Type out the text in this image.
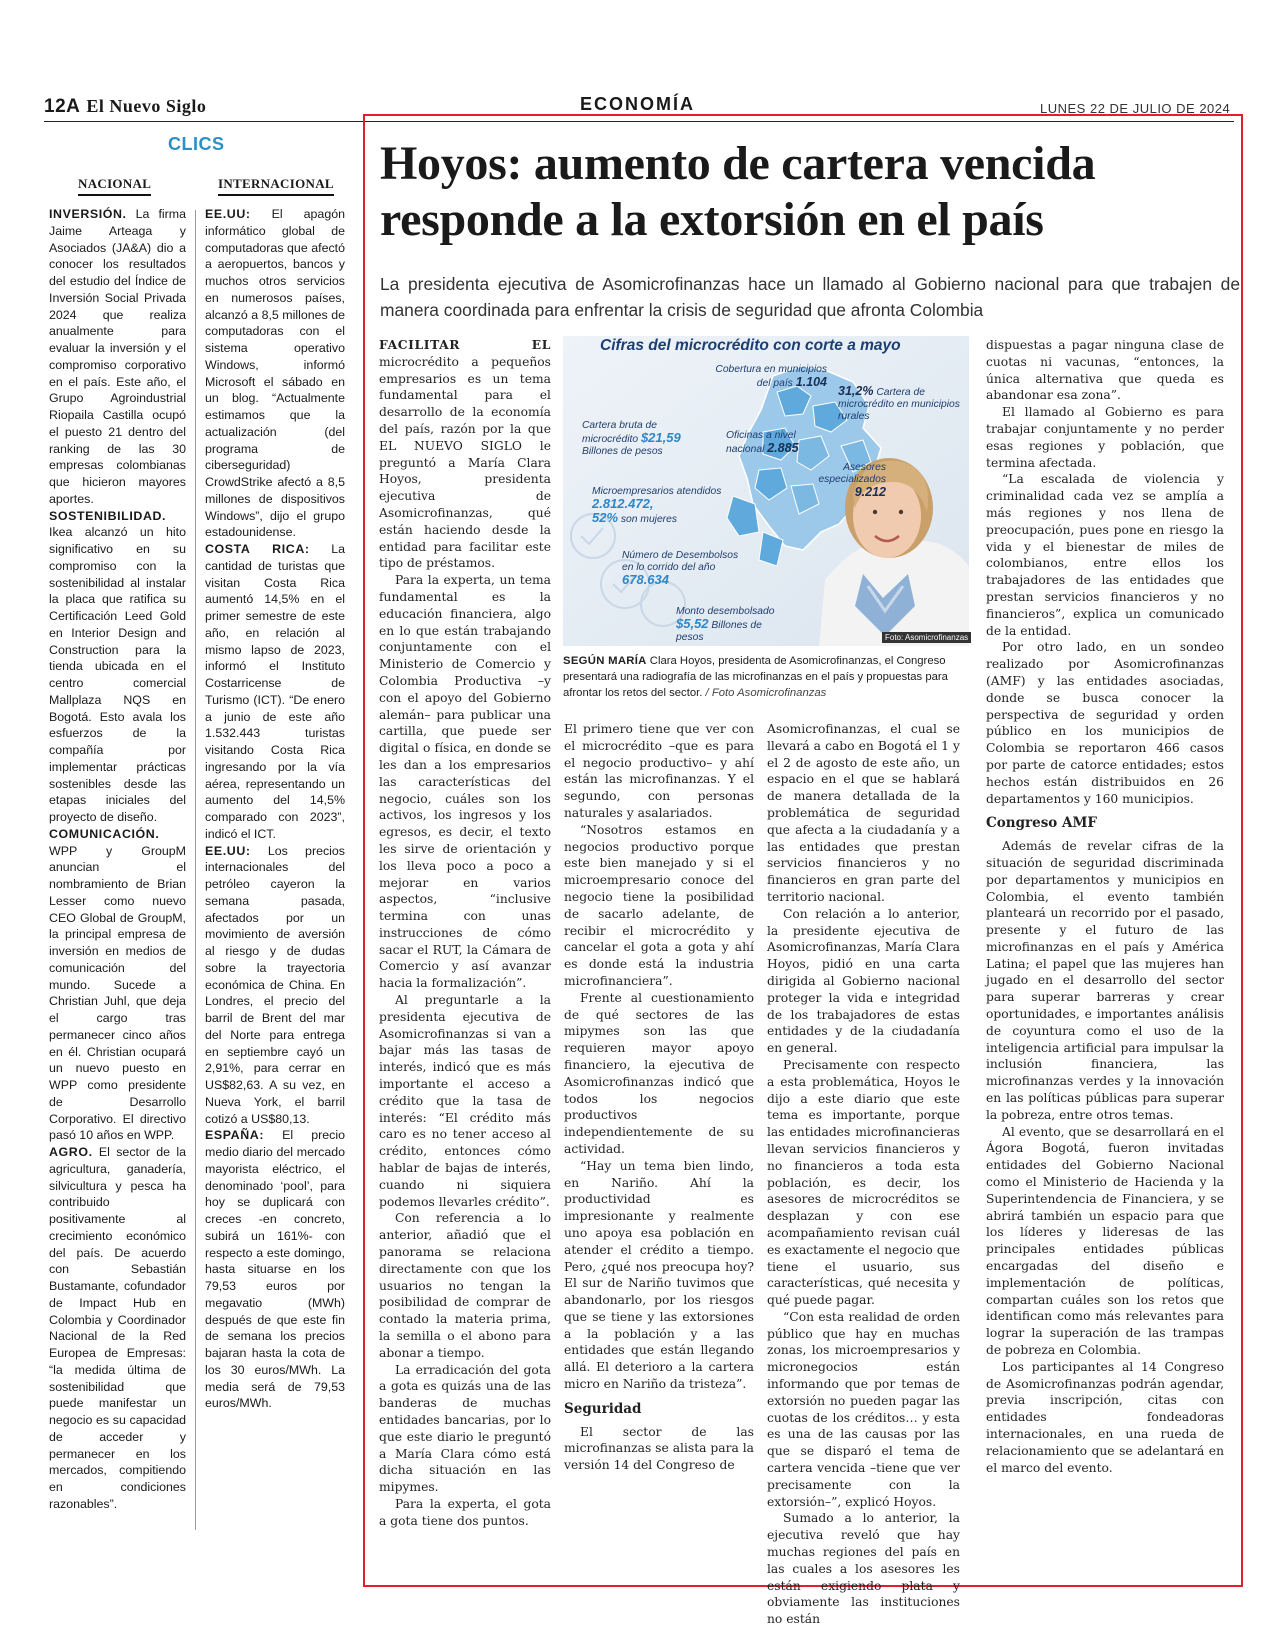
12A El Nuevo Siglo	ECONOMÍA	LUNES 22 DE JULIO DE 2024
CLICS
NACIONAL	INTERNACIONAL

INVERSIÓN. La firma Jaime Arteaga y Asociados (JA&A) dio a conocer los resultados del estudio del Índice de Inversión Social Privada 2024 que realiza anualmente para evaluar la inversión y el compromiso corporativo en el país. Este año, el Grupo Agroindustrial Riopaila Castilla ocupó el puesto 21 dentro del ranking de las 30 empresas colombianas que hicieron mayores aportes.

SOSTENIBILIDAD. Ikea alcanzó un hito significativo en su compromiso con la sostenibilidad al instalar la placa que ratifica su Certificación Leed Gold en Interior Design and Construction para la tienda ubicada en el centro comercial Mallplaza NQS en Bogotá. Esto avala los esfuerzos de la compañía por implementar prácticas sostenibles desde las etapas iniciales del proyecto de diseño.

COMUNICACIÓN. WPP y GroupM anuncian el nombramiento de Brian Lesser como nuevo CEO Global de GroupM, la principal empresa de inversión en medios de comunicación del mundo. Sucede a Christian Juhl, que deja el cargo tras permanecer cinco años en él. Christian ocupará un nuevo puesto en WPP como presidente de Desarrollo Corporativo. El directivo pasó 10 años en WPP.

AGRO. El sector de la agricultura, ganadería, silvicultura y pesca ha contribuido positivamente al crecimiento económico del país. De acuerdo con Sebastián Bustamante, cofundador de Impact Hub en Colombia y Coordinador Nacional de la Red Europea de Empresas: “la medida última de sostenibilidad que puede manifestar un negocio es su capacidad de acceder y permanecer en los mercados, compitiendo en condiciones razonables”.

EE.UU: El apagón informático global de computadoras que afectó a aeropuertos, bancos y muchos otros servicios en numerosos países, alcanzó a 8,5 millones de computadoras con el sistema operativo Windows, informó Microsoft el sábado en un blog. “Actualmente estimamos que la actualización (del programa de ciberseguridad) CrowdStrike afectó a 8,5 millones de dispositivos Windows”, dijo el grupo estadounidense.

COSTA RICA: La cantidad de turistas que visitan Costa Rica aumentó 14,5% en el primer semestre de este año, en relación al mismo lapso de 2023, informó el Instituto Costarricense de Turismo (ICT). “De enero a junio de este año 1.532.443 turistas visitando Costa Rica ingresando por la vía aérea, representando un aumento del 14,5% comparado con 2023”, indicó el ICT.

EE.UU: Los precios internacionales del petróleo cayeron la semana pasada, afectados por un movimiento de aversión al riesgo y de dudas sobre la trayectoria económica de China. En Londres, el precio del barril de Brent del mar del Norte para entrega en septiembre cayó un 2,91%, para cerrar en US$82,63. A su vez, en Nueva York, el barril cotizó a US$80,13.

ESPAÑA: El precio medio diario del mercado mayorista eléctrico, el denominado ‘pool’, para hoy se duplicará con creces -en concreto, subirá un 161%- con respecto a este domingo, hasta situarse en los 79,53 euros por megavatio (MWh) después de que este fin de semana los precios bajaran hasta la cota de los 30 euros/MWh. La media será de 79,53 euros/MWh.

Hoyos: aumento de cartera vencida responde a la extorsión en el país
La presidenta ejecutiva de Asomicrofinanzas hace un llamado al Gobierno nacional para que trabajen de manera coordinada para enfrentar la crisis de seguridad que afronta Colombia

FACILITAR EL microcrédito a pequeños empresarios es un tema fundamental para el desarrollo de la economía del país, razón por la que EL NUEVO SIGLO le preguntó a María Clara Hoyos, presidenta ejecutiva de Asomicrofinanzas, qué están haciendo desde la entidad para facilitar este tipo de préstamos.

Para la experta, un tema fundamental es la educación financiera, algo en lo que están trabajando conjuntamente con el Ministerio de Comercio y Colombia Productiva –y con el apoyo del Gobierno alemán– para publicar una cartilla, que puede ser digital o física, en donde se les dan a los empresarios las características del negocio, cuáles son los activos, los ingresos y los egresos, es decir, el texto les sirve de orientación y los lleva poco a poco a mejorar en varios aspectos, “inclusive termina con unas instrucciones de cómo sacar el RUT, la Cámara de Comercio y así avanzar hacia la formalización”.

Al preguntarle a la presidenta ejecutiva de Asomicrofinanzas si van a bajar más las tasas de interés, indicó que es más importante el acceso a crédito que la tasa de interés: “El crédito más caro es no tener acceso al crédito, entonces cómo hablar de bajas de interés, cuando ni siquiera podemos llevarles crédito”.

Con referencia a lo anterior, añadió que el panorama se relaciona directamente con que los usuarios no tengan la posibilidad de comprar de contado la materia prima, la semilla o el abono para abonar a tiempo.

La erradicación del gota a gota es quizás una de las banderas de muchas entidades bancarias, por lo que este diario le preguntó a María Clara cómo está dicha situación en las mipymes.

Para la experta, el gota a gota tiene dos puntos.

Cifras del microcrédito con corte a mayo
Cobertura en municipios del país 1.104
31,2% Cartera de microcrédito en municipios rurales
Cartera bruta de microcrédito $21,59
Billones de pesos
Oficinas a nivel nacional 2.885
Asesores especializados
9.212
Microempresarios atendidos 2.812.472,
52% son mujeres
Número de Desembolsos en lo corrido del año
678.634
Monto desembolsado
$5,52 Billones de pesos	Foto: Asomicrofinanzas
SEGÚN MARÍA Clara Hoyos, presidenta de Asomicrofinanzas, el Congreso presentará una radiografía de las microfinanzas en el país y propuestas para afrontar los retos del sector. / Foto Asomicrofinanzas

El primero tiene que ver con el microcrédito –que es para el negocio productivo– y ahí están las microfinanzas. Y el segundo, con personas naturales y asalariados.

“Nosotros estamos en negocios productivo porque este bien manejado y si el microempresario conoce del negocio tiene la posibilidad de sacarlo adelante, de recibir el microcrédito y cancelar el gota a gota y ahí es donde está la industria microfinanciera”.

Frente al cuestionamiento de qué sectores de las mipymes son las que requieren mayor apoyo financiero, la ejecutiva de Asomicrofinanzas indicó que todos los negocios productivos independientemente de su actividad.

“Hay un tema bien lindo, en Nariño. Ahí la productividad es impresionante y realmente uno apoya esa población en atender el crédito a tiempo. Pero, ¿qué nos preocupa hoy? El sur de Nariño tuvimos que abandonarlo, por los riesgos que se tiene y las extorsiones a la población y a las entidades que están llegando allá. El deterioro a la cartera micro en Nariño da tristeza”.

Seguridad

El sector de las microfinanzas se alista para la versión 14 del Congreso de

Asomicrofinanzas, el cual se llevará a cabo en Bogotá el 1 y el 2 de agosto de este año, un espacio en el que se hablará de manera detallada de la problemática de seguridad que afecta a la ciudadanía y a las entidades que prestan servicios financieros y no financieros en gran parte del territorio nacional.

Con relación a lo anterior, la presidente ejecutiva de Asomicrofinanzas, María Clara Hoyos, pidió en una carta dirigida al Gobierno nacional proteger la vida e integridad de los trabajadores de estas entidades y de la ciudadanía en general.

Precisamente con respecto a esta problemática, Hoyos le dijo a este diario que este tema es importante, porque las entidades microfinancieras llevan servicios financieros y no financieros a toda esta población, es decir, los asesores de microcréditos se desplazan y con ese acompañamiento revisan cuál es exactamente el negocio que tiene el usuario, sus características, qué necesita y qué puede pagar.

“Con esta realidad de orden público que hay en muchas zonas, los microempresarios y micronegocios están informando que por temas de extorsión no pueden pagar las cuotas de los créditos… y esta es una de las causas por las que se disparó el tema de cartera vencida –tiene que ver precisamente con la extorsión–”, explicó Hoyos.

Sumado a lo anterior, la ejecutiva reveló que hay muchas regiones del país en las cuales a los asesores les están exigiendo plata y obviamente las instituciones no están

dispuestas a pagar ninguna clase de cuotas ni vacunas, “entonces, la única alternativa que queda es abandonar esa zona”.

El llamado al Gobierno es para trabajar conjuntamente y no perder esas regiones y población, que termina afectada.

“La escalada de violencia y criminalidad cada vez se amplía a más regiones y nos llena de preocupación, pues pone en riesgo la vida y el bienestar de miles de colombianos, entre ellos los trabajadores de las entidades que prestan servicios financieros y no financieros”, explica un comunicado de la entidad.

Por otro lado, en un sondeo realizado por Asomicrofinanzas (AMF) y las entidades asociadas, donde se busca conocer la perspectiva de seguridad y orden público en los municipios de Colombia se reportaron 466 casos por parte de catorce entidades; estos hechos están distribuidos en 26 departamentos y 160 municipios.

Congreso AMF

Además de revelar cifras de la situación de seguridad discriminada por departamentos y municipios en Colombia, el evento también planteará un recorrido por el pasado, presente y el futuro de las microfinanzas en el país y América Latina; el papel que las mujeres han jugado en el desarrollo del sector para superar barreras y crear oportunidades, e importantes análisis de coyuntura como el uso de la inteligencia artificial para impulsar la inclusión financiera, las microfinanzas verdes y la innovación en las políticas públicas para superar la pobreza, entre otros temas.

Al evento, que se desarrollará en el Ágora Bogotá, fueron invitadas entidades del Gobierno Nacional como el Ministerio de Hacienda y la Superintendencia de Financiera, y se abrirá también un espacio para que los líderes y lideresas de las principales entidades públicas encargadas del diseño e implementación de políticas, compartan cuáles son los retos que identifican como más relevantes para lograr la superación de las trampas de pobreza en Colombia.

Los participantes al 14 Congreso de Asomicrofinanzas podrán agendar, previa inscripción, citas con entidades fondeadoras internacionales, en una rueda de relacionamiento que se adelantará en el marco del evento.
